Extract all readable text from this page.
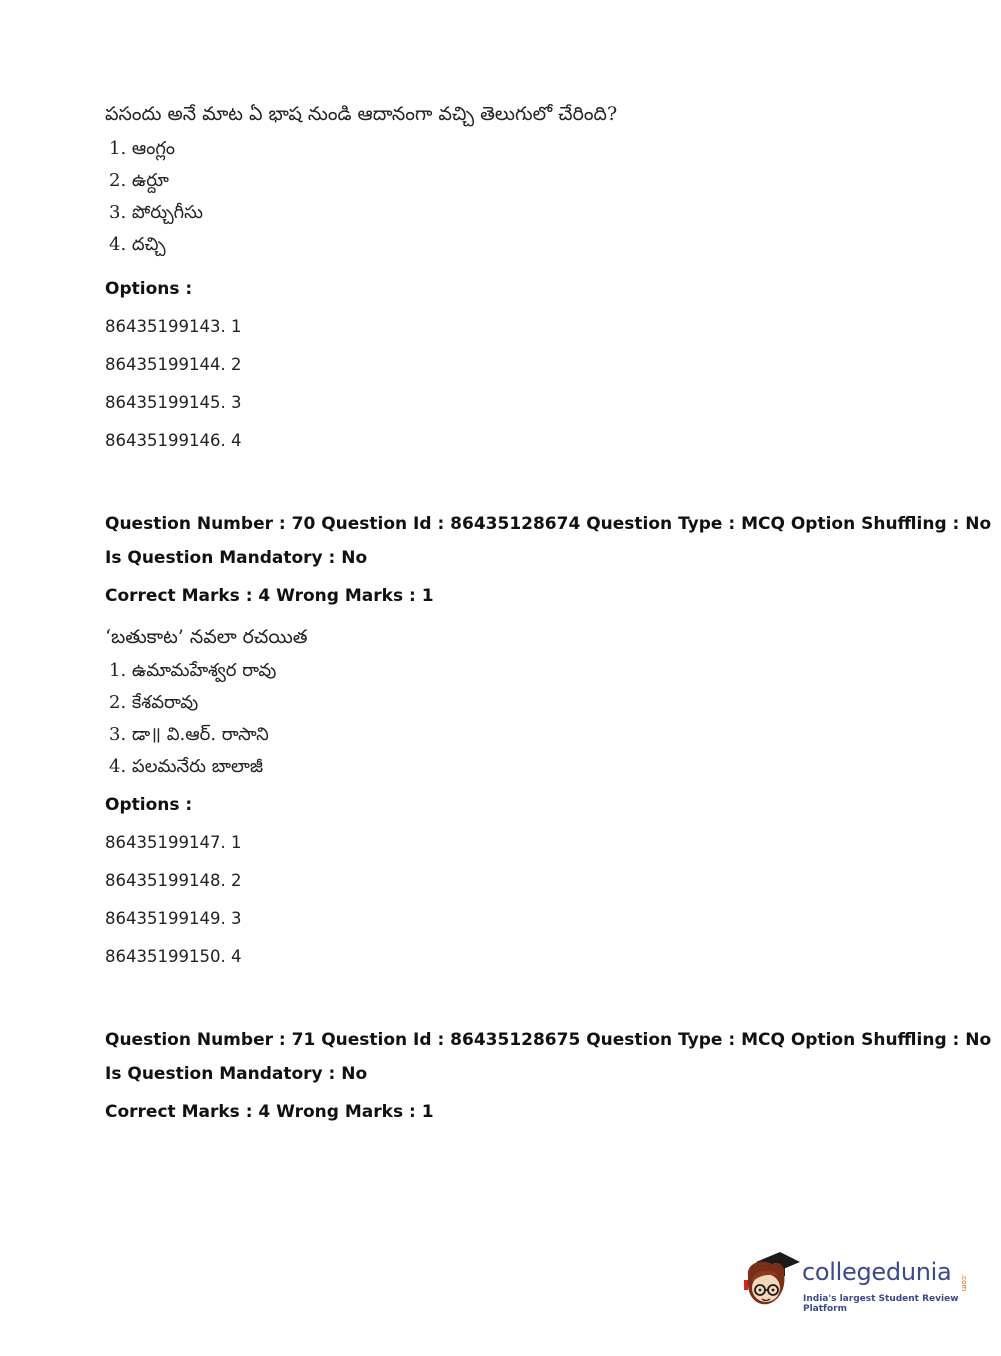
పసందు అనే మాట ఏ భాష నుండి ఆదానంగా వచ్చి తెలుగులో చేరింది?
1. ఆంగ్లం
2. ఉర్దూ
3. పోర్చుగీసు
4. దచ్చి
Options :
86435199143. 1
86435199144. 2
86435199145. 3
86435199146. 4
Question Number : 70 Question Id : 86435128674 Question Type : MCQ Option Shuffling : No
Is Question Mandatory : No
Correct Marks : 4 Wrong Marks : 1
‘బతుకాట’ నవలా రచయిత
1. ఉమామహేశ్వర రావు
2. కేశవరావు
3. డా॥ వి.ఆర్. రాసాని
4. పలమనేరు బాలాజీ
Options :
86435199147. 1
86435199148. 2
86435199149. 3
86435199150. 4
Question Number : 71 Question Id : 86435128675 Question Type : MCQ Option Shuffling : No
Is Question Mandatory : No
Correct Marks : 4 Wrong Marks : 1
collegedunia .com
India's largest Student Review Platform
